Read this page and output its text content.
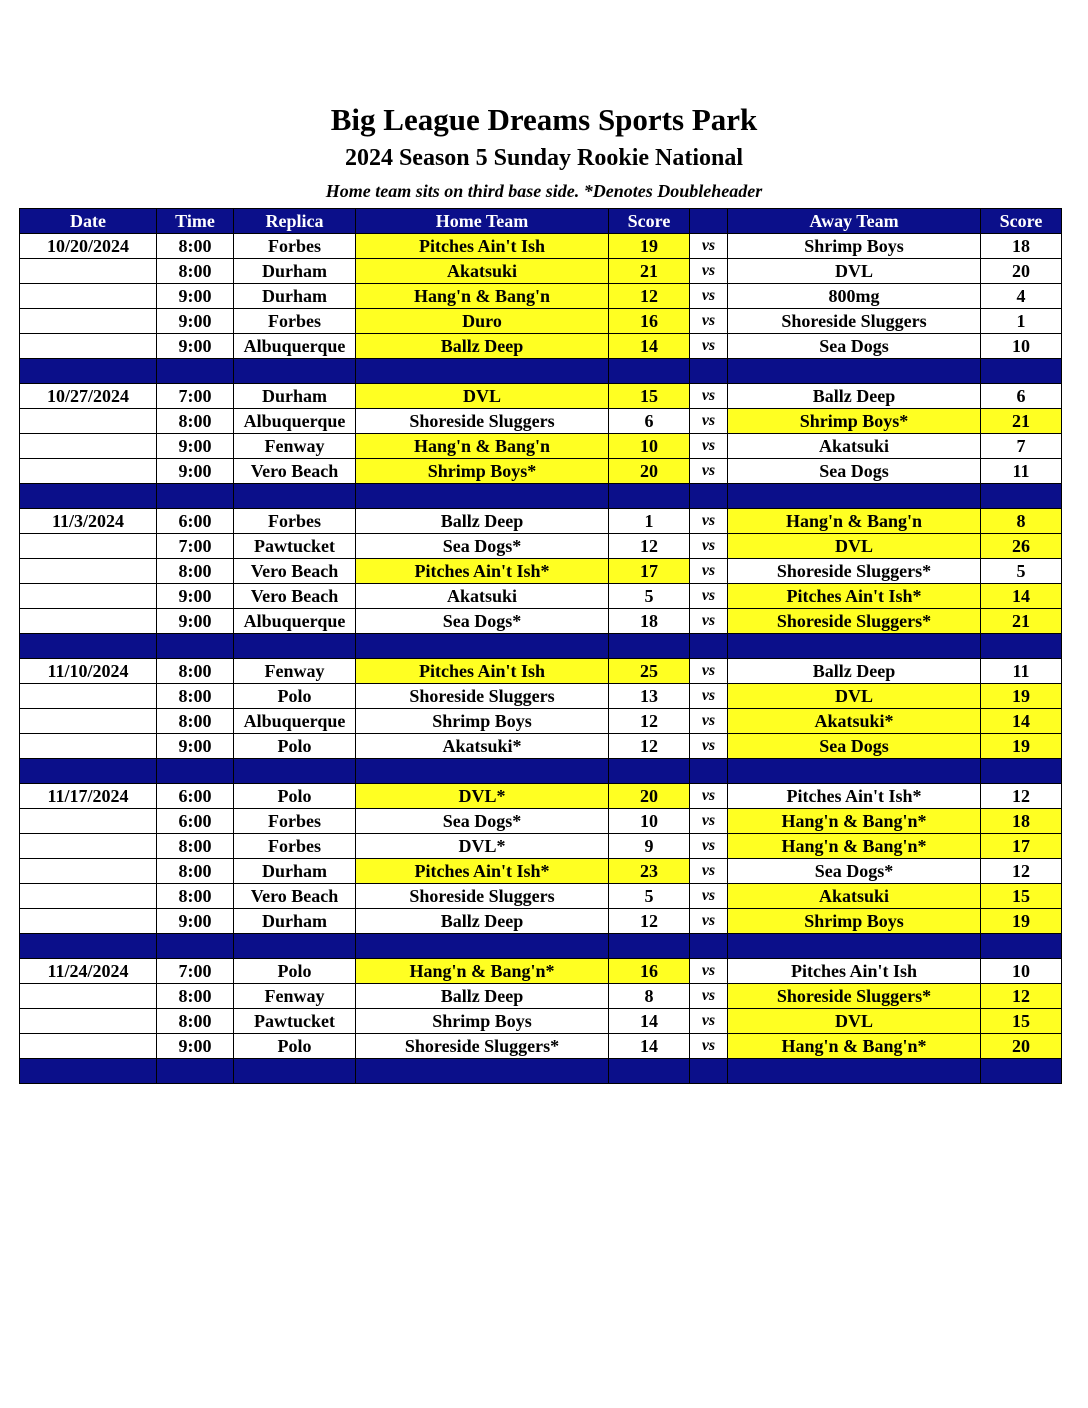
Big League Dreams Sports Park
2024 Season 5 Sunday Rookie National
Home team sits on third base side. *Denotes Doubleheader
Date	Time	Replica	Home Team	Score		Away Team	Score
10/20/2024	8:00	Forbes	Pitches Ain't Ish	19	vs	Shrimp Boys	18
	8:00	Durham	Akatsuki	21	vs	DVL	20
	9:00	Durham	Hang'n & Bang'n	12	vs	800mg	4
	9:00	Forbes	Duro	16	vs	Shoreside Sluggers	1
	9:00	Albuquerque	Ballz Deep	14	vs	Sea Dogs	10

10/27/2024	7:00	Durham	DVL	15	vs	Ballz Deep	6
	8:00	Albuquerque	Shoreside Sluggers	6	vs	Shrimp Boys*	21
	9:00	Fenway	Hang'n & Bang'n	10	vs	Akatsuki	7
	9:00	Vero Beach	Shrimp Boys*	20	vs	Sea Dogs	11

11/3/2024	6:00	Forbes	Ballz Deep	1	vs	Hang'n & Bang'n	8
	7:00	Pawtucket	Sea Dogs*	12	vs	DVL	26
	8:00	Vero Beach	Pitches Ain't Ish*	17	vs	Shoreside Sluggers*	5
	9:00	Vero Beach	Akatsuki	5	vs	Pitches Ain't Ish*	14
	9:00	Albuquerque	Sea Dogs*	18	vs	Shoreside Sluggers*	21

11/10/2024	8:00	Fenway	Pitches Ain't Ish	25	vs	Ballz Deep	11
	8:00	Polo	Shoreside Sluggers	13	vs	DVL	19
	8:00	Albuquerque	Shrimp Boys	12	vs	Akatsuki*	14
	9:00	Polo	Akatsuki*	12	vs	Sea Dogs	19

11/17/2024	6:00	Polo	DVL*	20	vs	Pitches Ain't Ish*	12
	6:00	Forbes	Sea Dogs*	10	vs	Hang'n & Bang'n*	18
	8:00	Forbes	DVL*	9	vs	Hang'n & Bang'n*	17
	8:00	Durham	Pitches Ain't Ish*	23	vs	Sea Dogs*	12
	8:00	Vero Beach	Shoreside Sluggers	5	vs	Akatsuki	15
	9:00	Durham	Ballz Deep	12	vs	Shrimp Boys	19

11/24/2024	7:00	Polo	Hang'n & Bang'n*	16	vs	Pitches Ain't Ish	10
	8:00	Fenway	Ballz Deep	8	vs	Shoreside Sluggers*	12
	8:00	Pawtucket	Shrimp Boys	14	vs	DVL	15
	9:00	Polo	Shoreside Sluggers*	14	vs	Hang'n & Bang'n*	20
